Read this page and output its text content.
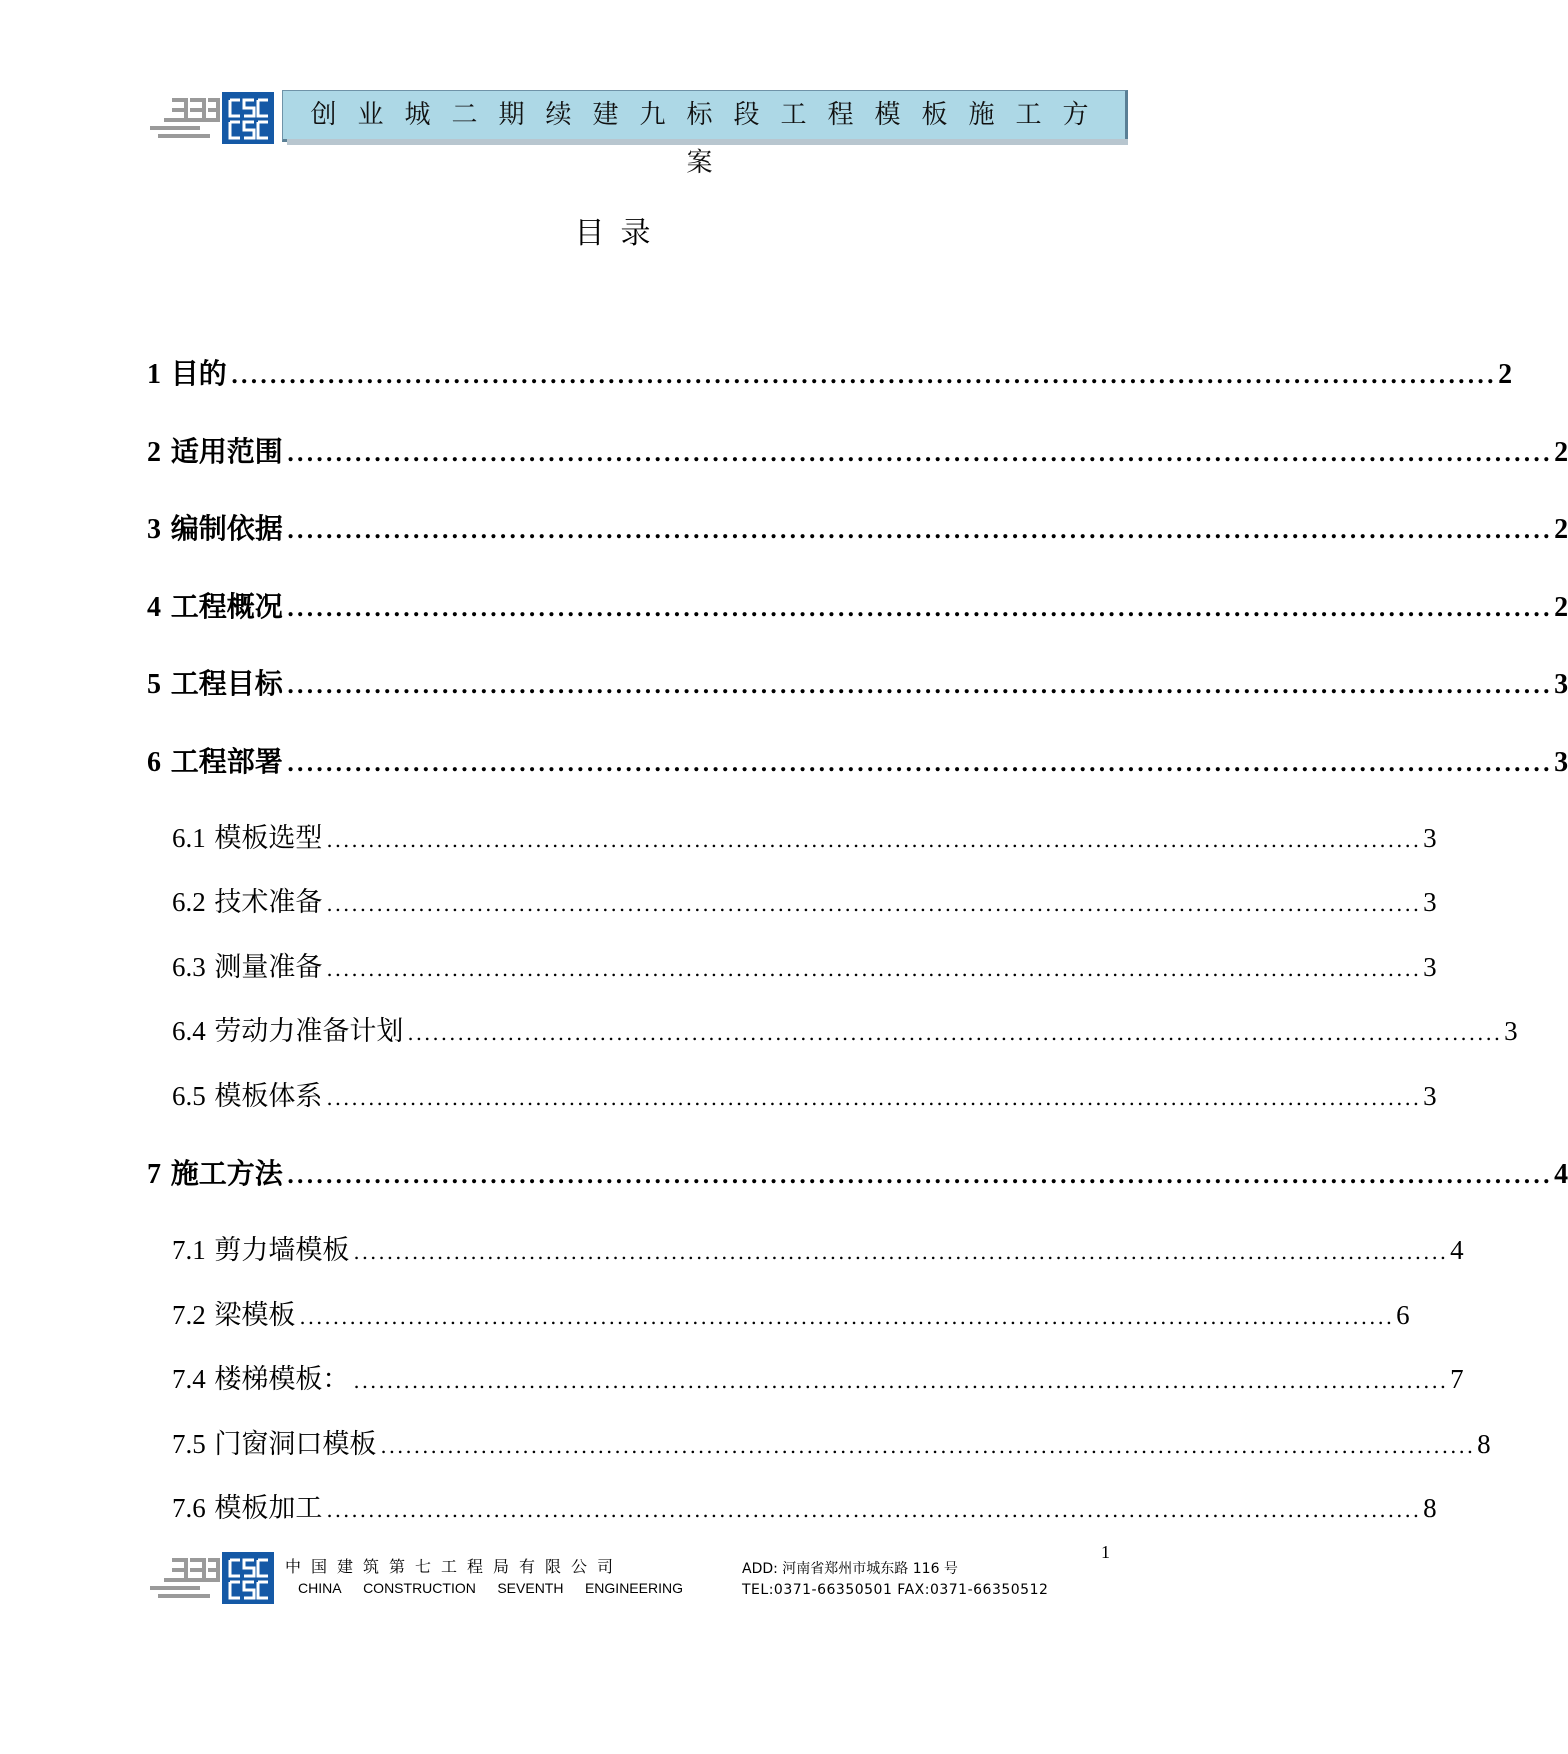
创业城二期续建九标段工程模板施工方案
目录
1 目的 ................................................................................................................................... 2
2 适用范围 ................................................................................................................................... 2
3 编制依据 ................................................................................................................................... 2
4 工程概况 ................................................................................................................................... 2
5 工程目标 ................................................................................................................................... 3
6 工程部署 ................................................................................................................................... 3
6.1 模板选型 ................................................................................................................................... 3
6.2 技术准备 ................................................................................................................................... 3
6.3 测量准备 ................................................................................................................................... 3
6.4 劳动力准备计划 ................................................................................................................................... 3
6.5 模板体系 ................................................................................................................................... 3
7 施工方法 ................................................................................................................................... 4
7.1 剪力墙模板 ................................................................................................................................... 4
7.2 梁模板 ................................................................................................................................... 6
7.4 楼梯模板： ................................................................................................................................... 7
7.5 门窗洞口模板 ................................................................................................................................... 8
7.6 模板加工 ................................................................................................................................... 8
中国建筑第七工程局有限公司
CHINA CONSTRUCTION SEVENTH ENGINEERING
ADD: 河南省郑州市城东路 116 号
TEL:0371-66350501 FAX:0371-66350512
1
